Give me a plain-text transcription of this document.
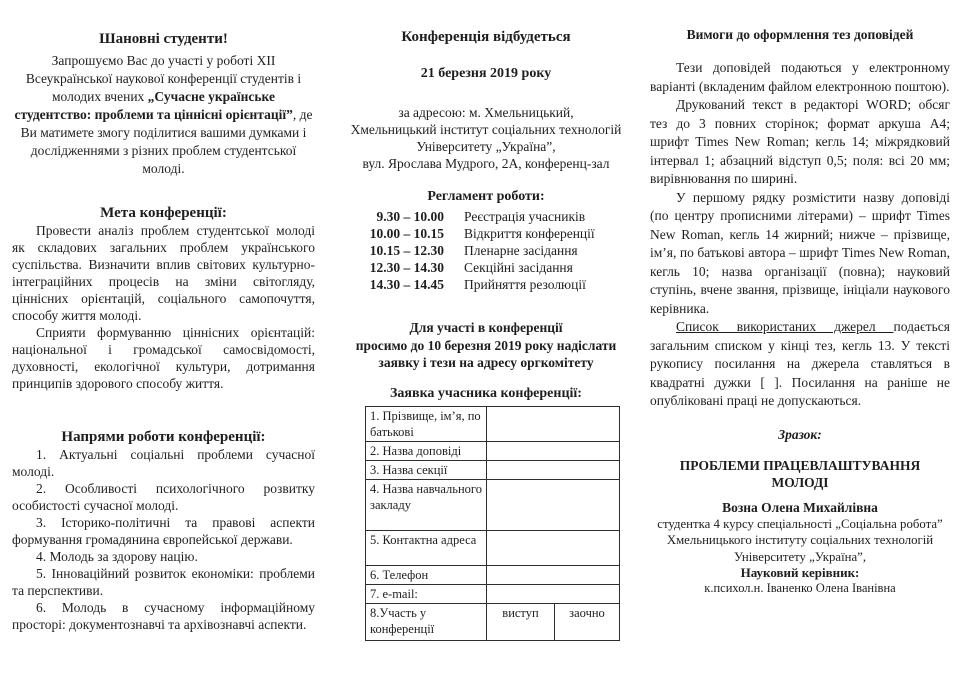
Шановні студенти!

Запрошуємо Вас до участі у роботі XII Всеукраїнської наукової конференції студентів і молодих вчених „Сучасне українське студентство: проблеми та ціннісні орієнтації”, де Ви матимете змогу поділитися вашими думками і дослідженнями з різних проблем студентської молоді.

Мета конференції:

Провести аналіз проблем студентської молоді як складових загальних проблем українського суспільства. Визначити вплив світових культурно-інтеграційних процесів на зміни світогляду, ціннісних орієнтацій, соціального самопочуття, способу життя молоді.

Сприяти формуванню ціннісних орієнтацій: національної і громадської самосвідомості, духовності, екологічної культури, дотримання принципів здорового способу життя.

Напрями роботи конференції:

1. Актуальні соціальні проблеми сучасної молоді.

2. Особливості психологічного розвитку особистості сучасної молоді.

3. Історико-політичні та правові аспекти формування громадянина європейської держави.

4. Молодь за здорову націю.

5. Інноваційний розвиток економіки: проблеми та перспективи.

6. Молодь в сучасному інформаційному просторі: документознавчі та архівознавчі аспекти.

Конференція відбудеться
21 березня 2019 року
за адресою: м. Хмельницький,
Хмельницький інститут соціальних технологій
Університету „Україна”,
вул. Ярослава Мудрого, 2А, конференц-зал
Регламент роботи:
9.30 – 10.00 Реєстрація учасників
10.00 – 10.15 Відкриття конференції
10.15 – 12.30 Пленарне засідання
12.30 – 14.30 Секційні засідання
14.30 – 14.45 Прийняття резолюції
Для участі в конференції
просимо до 10 березня 2019 року надіслати
заявку і тези на адресу оргкомітету
Заявка учасника конференції:
1. Прізвище, ім’я, по батькові		
2. Назва доповіді		
3. Назва секції		
4. Назва навчального закладу		
5. Контактна адреса		
6. Телефон		
7. e-mail:		
8.Участь у конференції	виступ	заочно
Вимоги до оформлення тез доповідей

Тези доповідей подаються у електронному варіанті (вкладеним файлом електронною поштою).

Друкований текст в редакторі WORD; обсяг тез до 3 повних сторінок; формат аркуша А4; шрифт Times New Roman; кегль 14; міжрядковий інтервал 1; абзацний відступ 0,5; поля: всі 20 мм; вирівнювання по ширині.

У першому рядку розмістити назву доповіді (по центру прописними літерами) – шрифт Times New Roman, кегль 14 жирний; нижче – прізвище, ім’я, по батькові автора – шрифт Times New Roman, кегль 10; назва організації (повна); науковий ступінь, вчене звання, прізвище, ініціали наукового керівника.

Список використаних джерел подається загальним списком у кінці тез, кегль 13. У тексті рукопису посилання на джерела ставляться в квадратні дужки [ ]. Посилання на раніше не опубліковані праці не допускаються.

Зразок:
ПРОБЛЕМИ ПРАЦЕВЛАШТУВАННЯ МОЛОДІ
Возна Олена Михайлівна
студентка 4 курсу спеціальності „Соціальна робота”
Хмельницького інституту соціальних технологій
Університету „Україна”,
Науковий керівник:
к.психол.н. Іваненко Олена Іванівна
